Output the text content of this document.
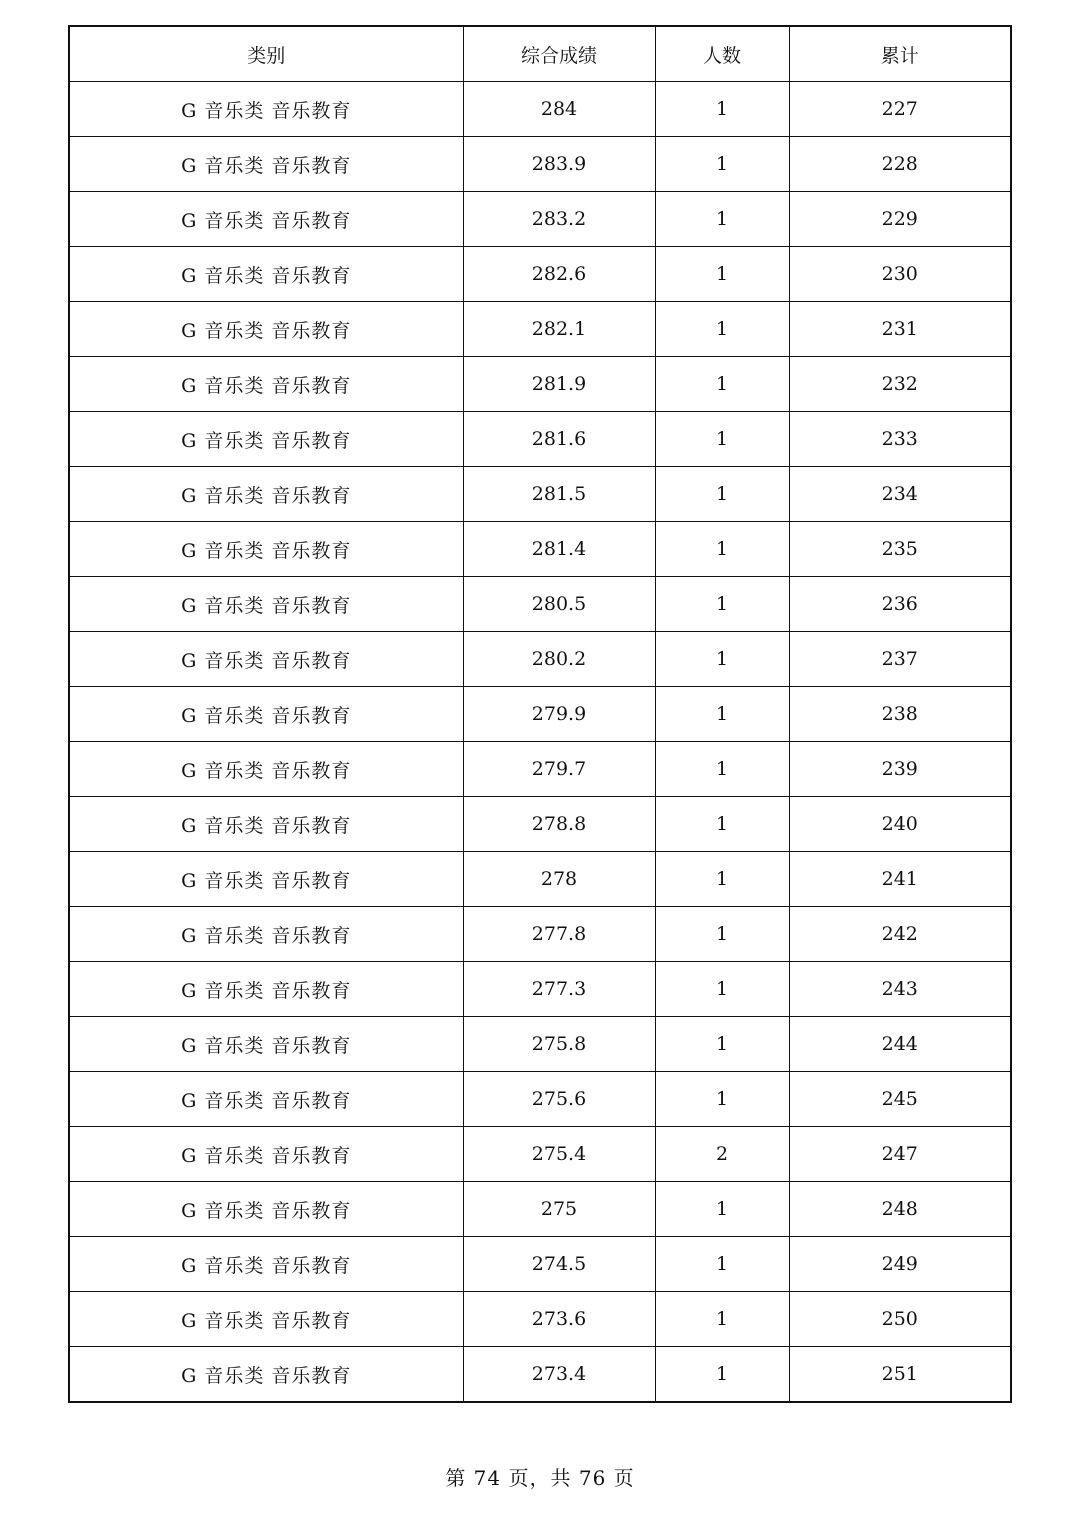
类别	综合成绩	人数	累计
G 音乐类 音乐教育	284	1	227
G 音乐类 音乐教育	283.9	1	228
G 音乐类 音乐教育	283.2	1	229
G 音乐类 音乐教育	282.6	1	230
G 音乐类 音乐教育	282.1	1	231
G 音乐类 音乐教育	281.9	1	232
G 音乐类 音乐教育	281.6	1	233
G 音乐类 音乐教育	281.5	1	234
G 音乐类 音乐教育	281.4	1	235
G 音乐类 音乐教育	280.5	1	236
G 音乐类 音乐教育	280.2	1	237
G 音乐类 音乐教育	279.9	1	238
G 音乐类 音乐教育	279.7	1	239
G 音乐类 音乐教育	278.8	1	240
G 音乐类 音乐教育	278	1	241
G 音乐类 音乐教育	277.8	1	242
G 音乐类 音乐教育	277.3	1	243
G 音乐类 音乐教育	275.8	1	244
G 音乐类 音乐教育	275.6	1	245
G 音乐类 音乐教育	275.4	2	247
G 音乐类 音乐教育	275	1	248
G 音乐类 音乐教育	274.5	1	249
G 音乐类 音乐教育	273.6	1	250
G 音乐类 音乐教育	273.4	1	251
第 74 页，共 76 页
